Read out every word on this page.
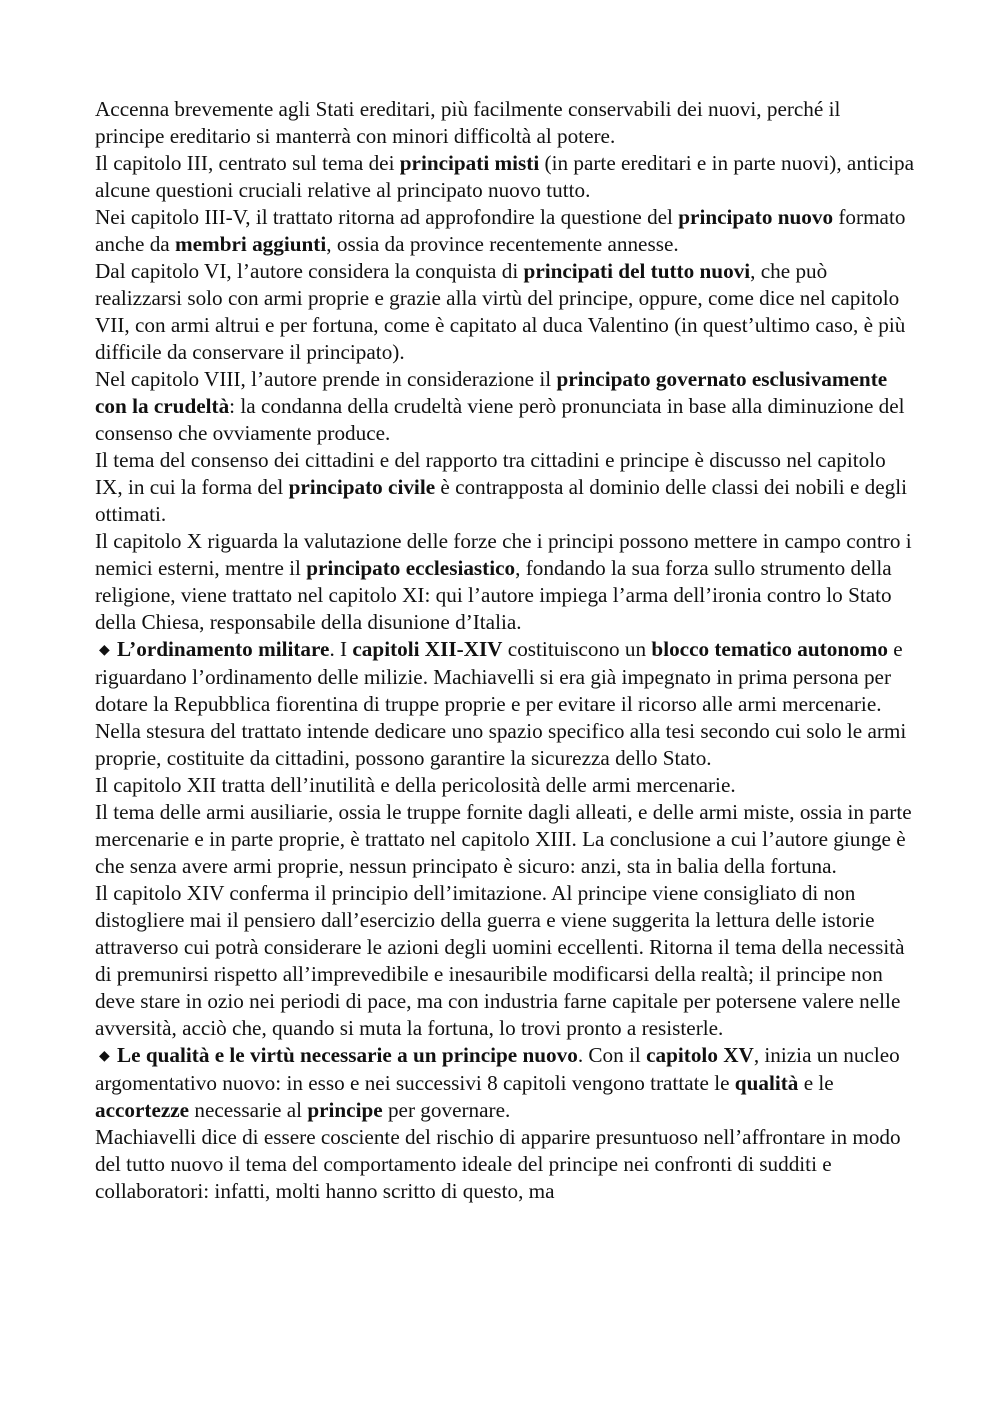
Accenna brevemente agli Stati ereditari, più facilmente conservabili dei nuovi, perché il principe ereditario si manterrà con minori difficoltà al potere.

Il capitolo III, centrato sul tema dei principati misti (in parte ereditari e in parte nuovi), anticipa alcune questioni cruciali relative al principato nuovo tutto.

Nei capitolo III-V, il trattato ritorna ad approfondire la questione del principato nuovo formato anche da membri aggiunti, ossia da province recentemente annesse.

Dal capitolo VI, l’autore considera la conquista di principati del tutto nuovi, che può realizzarsi solo con armi proprie e grazie alla virtù del principe, oppure, come dice nel capitolo VII, con armi altrui e per fortuna, come è capitato al duca Valentino (in quest’ultimo caso, è più difficile da conservare il principato).

Nel capitolo VIII, l’autore prende in considerazione il principato governato esclusivamente con la crudeltà: la condanna della crudeltà viene però pronunciata in base alla diminuzione del consenso che ovviamente produce.

Il tema del consenso dei cittadini e del rapporto tra cittadini e principe è discusso nel capitolo IX, in cui la forma del principato civile è contrapposta al dominio delle classi dei nobili e degli ottimati.

Il capitolo X riguarda la valutazione delle forze che i principi possono mettere in campo contro i nemici esterni, mentre il principato ecclesiastico, fondando la sua forza sullo strumento della religione, viene trattato nel capitolo XI: qui l’autore impiega l’arma dell’ironia contro lo Stato della Chiesa, responsabile della disunione d’Italia.

◆ L’ordinamento militare. I capitoli XII-XIV costituiscono un blocco tematico autonomo e riguardano l’ordinamento delle milizie. Machiavelli si era già impegnato in prima persona per dotare la Repubblica fiorentina di truppe proprie e per evitare il ricorso alle armi mercenarie. Nella stesura del trattato intende dedicare uno spazio specifico alla tesi secondo cui solo le armi proprie, costituite da cittadini, possono garantire la sicurezza dello Stato.

Il capitolo XII tratta dell’inutilità e della pericolosità delle armi mercenarie.

Il tema delle armi ausiliarie, ossia le truppe fornite dagli alleati, e delle armi miste, ossia in parte mercenarie e in parte proprie, è trattato nel capitolo XIII. La conclusione a cui l’autore giunge è che senza avere armi proprie, nessun principato è sicuro: anzi, sta in balia della fortuna.

Il capitolo XIV conferma il principio dell’imitazione. Al principe viene consigliato di non distogliere mai il pensiero dall’esercizio della guerra e viene suggerita la lettura delle istorie attraverso cui potrà considerare le azioni degli uomini eccellenti. Ritorna il tema della necessità di premunirsi rispetto all’imprevedibile e inesauribile modificarsi della realtà; il principe non deve stare in ozio nei periodi di pace, ma con industria farne capitale per potersene valere nelle avversità, acciò che, quando si muta la fortuna, lo trovi pronto a resisterle.

◆ Le qualità e le virtù necessarie a un principe nuovo. Con il capitolo XV, inizia un nucleo argomentativo nuovo: in esso e nei successivi 8 capitoli vengono trattate le qualità e le accortezze necessarie al principe per governare.

Machiavelli dice di essere cosciente del rischio di apparire presuntuoso nell’affrontare in modo del tutto nuovo il tema del comportamento ideale del principe nei confronti di sudditi e collaboratori: infatti, molti hanno scritto di questo, ma
